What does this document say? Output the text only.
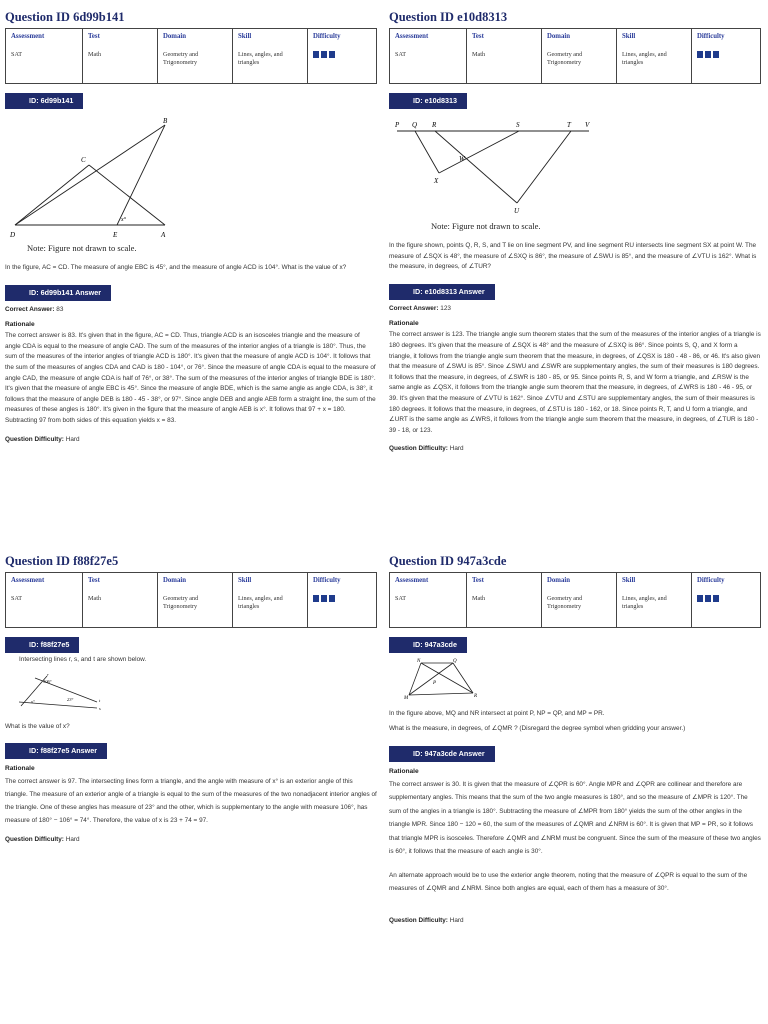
Question ID 6d99b141
Assessment
SAT

Test
Math

Domain
Geometry and Trigonometry

Skill
Lines, angles, and triangles

Difficulty
ID: 6d99b141
B
C
D	E	A
x°
Note: Figure not drawn to scale.

In the figure, AC = CD. The measure of angle EBC is 45°, and the measure of angle ACD is 104°. What is the value of x?

ID: 6d99b141 Answer

Correct Answer: 83

Rationale

The correct answer is 83. It's given that in the figure, AC = CD. Thus, triangle ACD is an isosceles triangle and the measure of angle CDA is equal to the measure of angle CAD. The sum of the measures of the interior angles of a triangle is 180°. Thus, the sum of the measures of the interior angles of triangle ACD is 180°. It's given that the measure of angle ACD is 104°. It follows that the sum of the measures of angles CDA and CAD is 180 - 104°, or 76°. Since the measure of angle CDA is equal to the measure of angle CAD, the measure of angle CDA is half of 76°, or 38°. The sum of the measures of the interior angles of triangle BDE is 180°. It's given that the measure of angle EBC is 45°. Since the measure of angle BDE, which is the same angle as angle CDA, is 38°, it follows that the measure of angle DEB is 180 - 45 - 38°, or 97°. Since angle DEB and angle AEB form a straight line, the sum of the measures of these angles is 180°. It's given in the figure that the measure of angle AEB is x°. It follows that 97 + x = 180. Subtracting 97 from both sides of this equation yields x = 83.

Question Difficulty: Hard

Question ID e10d8313
Assessment
SAT

Test
Math

Domain
Geometry and Trigonometry

Skill
Lines, angles, and triangles

Difficulty
ID: e10d8313
P Q R	S	T V
X
W
U
Note: Figure not drawn to scale.

In the figure shown, points Q, R, S, and T lie on line segment PV, and line segment RU intersects line segment SX at point W. The measure of ∠SQX is 48°, the measure of ∠SXQ is 86°, the measure of ∠SWU is 85°, and the measure of ∠VTU is 162°. What is the measure, in degrees, of ∠TUR?

ID: e10d8313 Answer

Correct Answer: 123

Rationale

The correct answer is 123. The triangle angle sum theorem states that the sum of the measures of the interior angles of a triangle is 180 degrees. It's given that the measure of ∠SQX is 48° and the measure of ∠SXQ is 86°. Since points S, Q, and X form a triangle, it follows from the triangle angle sum theorem that the measure, in degrees, of ∠QSX is 180 - 48 - 86, or 46. It's also given that the measure of ∠SWU is 85°. Since ∠SWU and ∠SWR are supplementary angles, the sum of their measures is 180 degrees. It follows that the measure, in degrees, of ∠SWR is 180 - 85, or 95. Since points R, S, and W form a triangle, and ∠RSW is the same angle as ∠QSX, it follows from the triangle angle sum theorem that the measure, in degrees, of ∠WRS is 180 - 46 - 95, or 39. It's given that the measure of ∠VTU is 162°. Since ∠VTU and ∠STU are supplementary angles, the sum of their measures is 180 degrees. It follows that the measure, in degrees, of ∠STU is 180 - 162, or 18. Since points R, T, and U form a triangle, and ∠URT is the same angle as ∠WRS, it follows from the triangle angle sum theorem that the measure, in degrees, of ∠TUR is 180 - 39 - 18, or 123.

Question Difficulty: Hard

Question ID f88f27e5
Assessment
SAT

Test
Math

Domain
Geometry and Trigonometry

Skill
Lines, angles, and triangles

Difficulty
ID: f88f27e5

Intersecting lines r, s, and t are shown below.

106°
23°
x°
r
s
t

What is the value of x?

ID: f88f27e5 Answer

Rationale

The correct answer is 97. The intersecting lines form a triangle, and the angle with measure of x° is an exterior angle of this triangle. The measure of an exterior angle of a triangle is equal to the sum of the measures of the two nonadjacent interior angles of the triangle. One of these angles has measure of 23° and the other, which is supplementary to the angle with measure 106°, has measure of 180° − 106° = 74°. Therefore, the value of x is 23 + 74 = 97.

Question Difficulty: Hard

Question ID 947a3cde
Assessment
SAT

Test
Math

Domain
Geometry and Trigonometry

Skill
Lines, angles, and triangles

Difficulty
ID: 947a3cde
M
P
Q
N
R

In the figure above, MQ and NR intersect at point P, NP = QP, and MP = PR.

What is the measure, in degrees, of ∠QMR ? (Disregard the degree symbol when gridding your answer.)

ID: 947a3cde Answer

Rationale

The correct answer is 30. It is given that the measure of ∠QPR is 60°. Angle MPR and ∠QPR are collinear and therefore are supplementary angles. This means that the sum of the two angle measures is 180°, and so the measure of ∠MPR is 120°. The sum of the angles in a triangle is 180°. Subtracting the measure of ∠MPR from 180° yields the sum of the other angles in the triangle MPR. Since 180 − 120 = 60, the sum of the measures of ∠QMR and ∠NRM is 60°. It is given that MP = PR, so it follows that triangle MPR is isosceles. Therefore ∠QMR and ∠NRM must be congruent. Since the sum of the measure of these two angles is 60°, it follows that the measure of each angle is 30°.

An alternate approach would be to use the exterior angle theorem, noting that the measure of ∠QPR is equal to the sum of the measures of ∠QMR and ∠NRM. Since both angles are equal, each of them has a measure of 30°.

Question Difficulty: Hard
